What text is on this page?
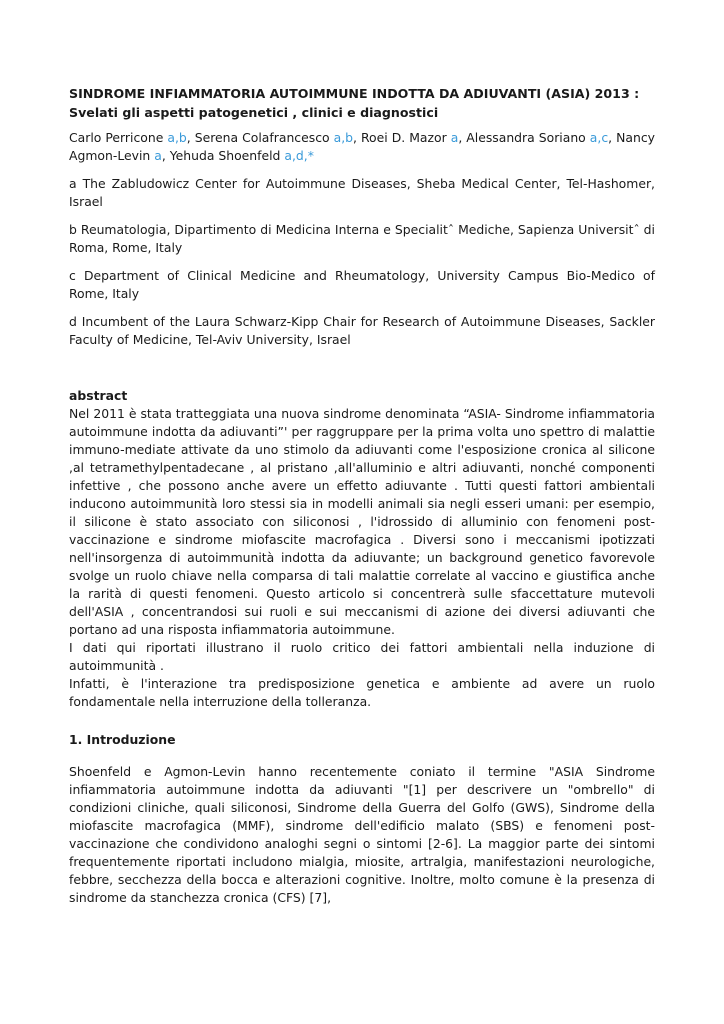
SINDROME INFIAMMATORIA AUTOIMMUNE INDOTTA DA ADIUVANTI (ASIA) 2013 : Svelati gli aspetti patogenetici , clinici e diagnostici

Carlo Perricone a,b, Serena Colafrancesco a,b, Roei D. Mazor a, Alessandra Soriano a,c, Nancy Agmon-Levin a, Yehuda Shoenfeld a,d,*

a The Zabludowicz Center for Autoimmune Diseases, Sheba Medical Center, Tel-Hashomer, Israel

b Reumatologia, Dipartimento di Medicina Interna e Specialitˆ Mediche, Sapienza Universitˆ di Roma, Rome, Italy

c Department of Clinical Medicine and Rheumatology, University Campus Bio-Medico of Rome, Italy

d Incumbent of the Laura Schwarz-Kipp Chair for Research of Autoimmune Diseases, Sackler Faculty of Medicine, Tel-Aviv University, Israel

abstract

Nel 2011 è stata tratteggiata una nuova sindrome denominata “ASIA- Sindrome infiammatoria autoimmune indotta da adiuvanti”' per raggruppare per la prima volta uno spettro di malattie immuno-mediate attivate da uno stimolo da adiuvanti come l'esposizione cronica al silicone ,al tetramethylpentadecane , al pristano ,all'alluminio e altri adiuvanti, nonché componenti infettive , che possono anche avere un effetto adiuvante . Tutti questi fattori ambientali inducono autoimmunità loro stessi sia in modelli animali sia negli esseri umani: per esempio, il silicone è stato associato con siliconosi , l'idrossido di alluminio con fenomeni post-vaccinazione e sindrome miofascite macrofagica . Diversi sono i meccanismi ipotizzati nell'insorgenza di autoimmunità indotta da adiuvante; un background genetico favorevole svolge un ruolo chiave nella comparsa di tali malattie correlate al vaccino e giustifica anche la rarità di questi fenomeni. Questo articolo si concentrerà sulle sfaccettature mutevoli dell'ASIA , concentrandosi sui ruoli e sui meccanismi di azione dei diversi adiuvanti che portano ad una risposta infiammatoria autoimmune.

I dati qui riportati illustrano il ruolo critico dei fattori ambientali nella induzione di autoimmunità .

Infatti, è l'interazione tra predisposizione genetica e ambiente ad avere un ruolo fondamentale nella interruzione della tolleranza.

1. Introduzione

Shoenfeld e Agmon-Levin hanno recentemente coniato il termine "ASIA Sindrome infiammatoria autoimmune indotta da adiuvanti "[1] per descrivere un "ombrello" di condizioni cliniche, quali siliconosi, Sindrome della Guerra del Golfo (GWS), Sindrome della miofascite macrofagica (MMF), sindrome dell'edificio malato (SBS) e fenomeni post-vaccinazione che condividono analoghi segni o sintomi [2-6]. La maggior parte dei sintomi frequentemente riportati includono mialgia, miosite, artralgia, manifestazioni neurologiche, febbre, secchezza della bocca e alterazioni cognitive. Inoltre, molto comune è la presenza di sindrome da stanchezza cronica (CFS) [7],
